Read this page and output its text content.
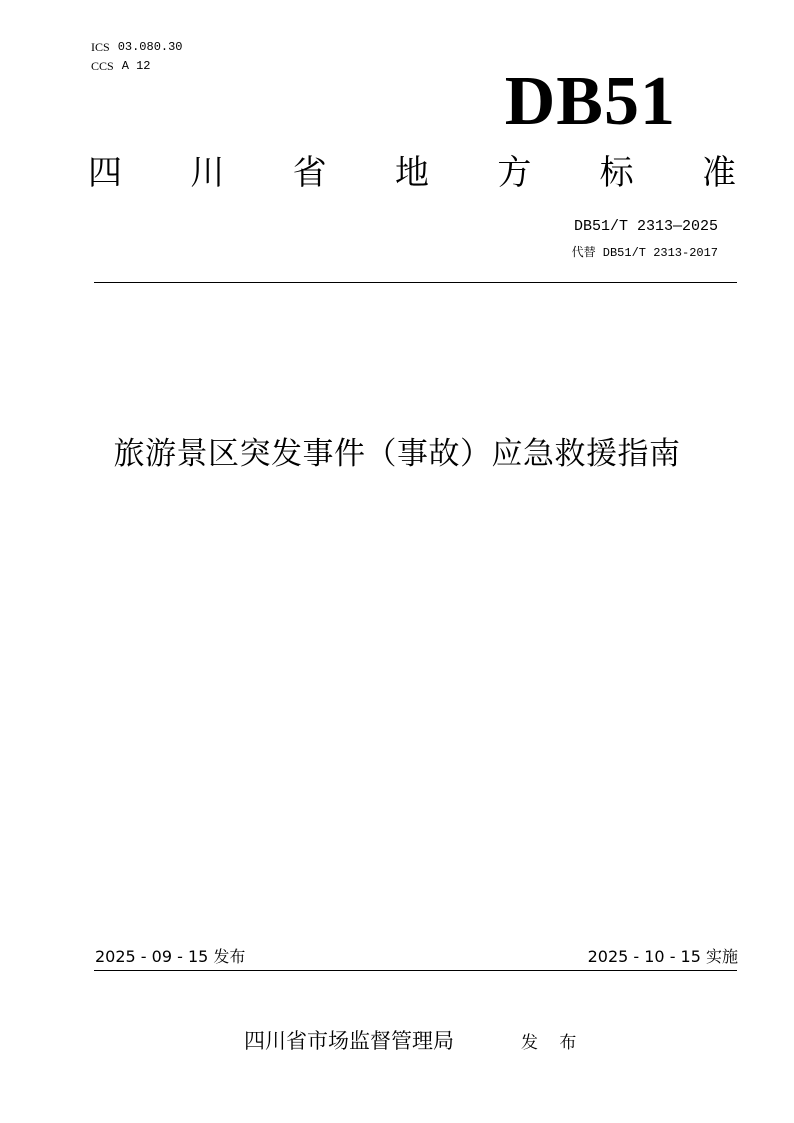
ICS 03.080.30
CCS A 12	DB51
四 川 省 地 方 标 准
DB51/T 2313—2025
代替 DB51/T 2313-2017
旅游景区突发事件（事故）应急救援指南
2025 - 09 - 15 发布	2025 - 10 - 15 实施
四川省市场监督管理局	发 布
